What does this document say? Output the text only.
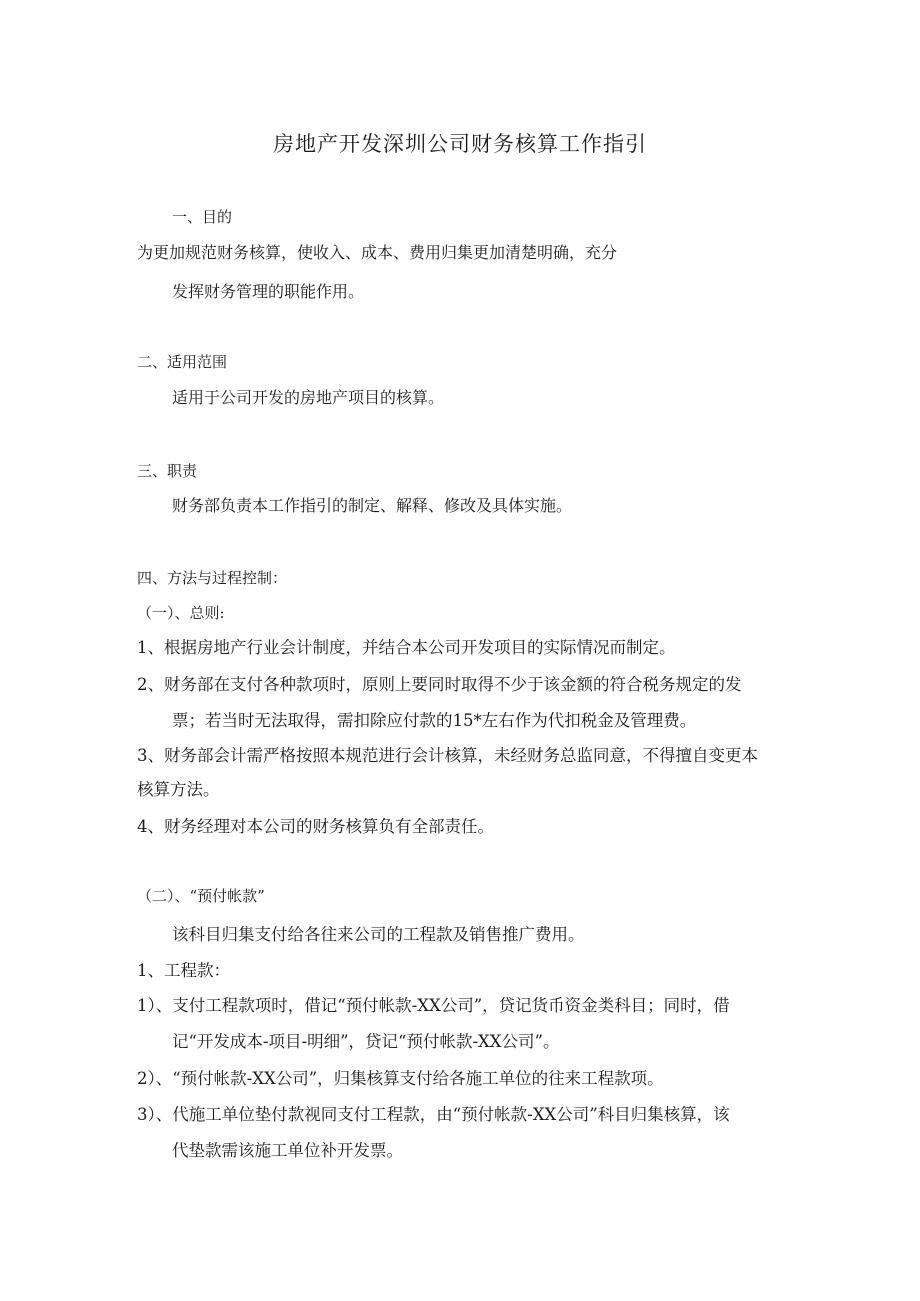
房地产开发深圳公司财务核算工作指引
一、目的
为更加规范财务核算，使收入、成本、费用归集更加清楚明确，充分
发挥财务管理的职能作用。
二、适用范围
适用于公司开发的房地产项目的核算。
三、职责
财务部负责本工作指引的制定、解释、修改及具体实施。
四、方法与过程控制：
（一）、总则:
1、根据房地产行业会计制度，并结合本公司开发项目的实际情况而制定。
2、财务部在支付各种款项时，原则上要同时取得不少于该金额的符合税务规定的发
票；若当时无法取得，需扣除应付款的15*左右作为代扣税金及管理费。
3、财务部会计需严格按照本规范进行会计核算，未经财务总监同意，不得擅自变更本
核算方法。
4、财务经理对本公司的财务核算负有全部责任。
（二）、“预付帐款”
该科目归集支付给各往来公司的工程款及销售推广费用。
1、工程款：
1）、支付工程款项时，借记“预付帐款-XX公司”，贷记货币资金类科目；同时，借
记“开发成本-项目-明细”，贷记“预付帐款-XX公司”。
2）、“预付帐款-XX公司”，归集核算支付给各施工单位的往来工程款项。
3）、代施工单位垫付款视同支付工程款，由“预付帐款-XX公司”科目归集核算，该
代垫款需该施工单位补开发票。
